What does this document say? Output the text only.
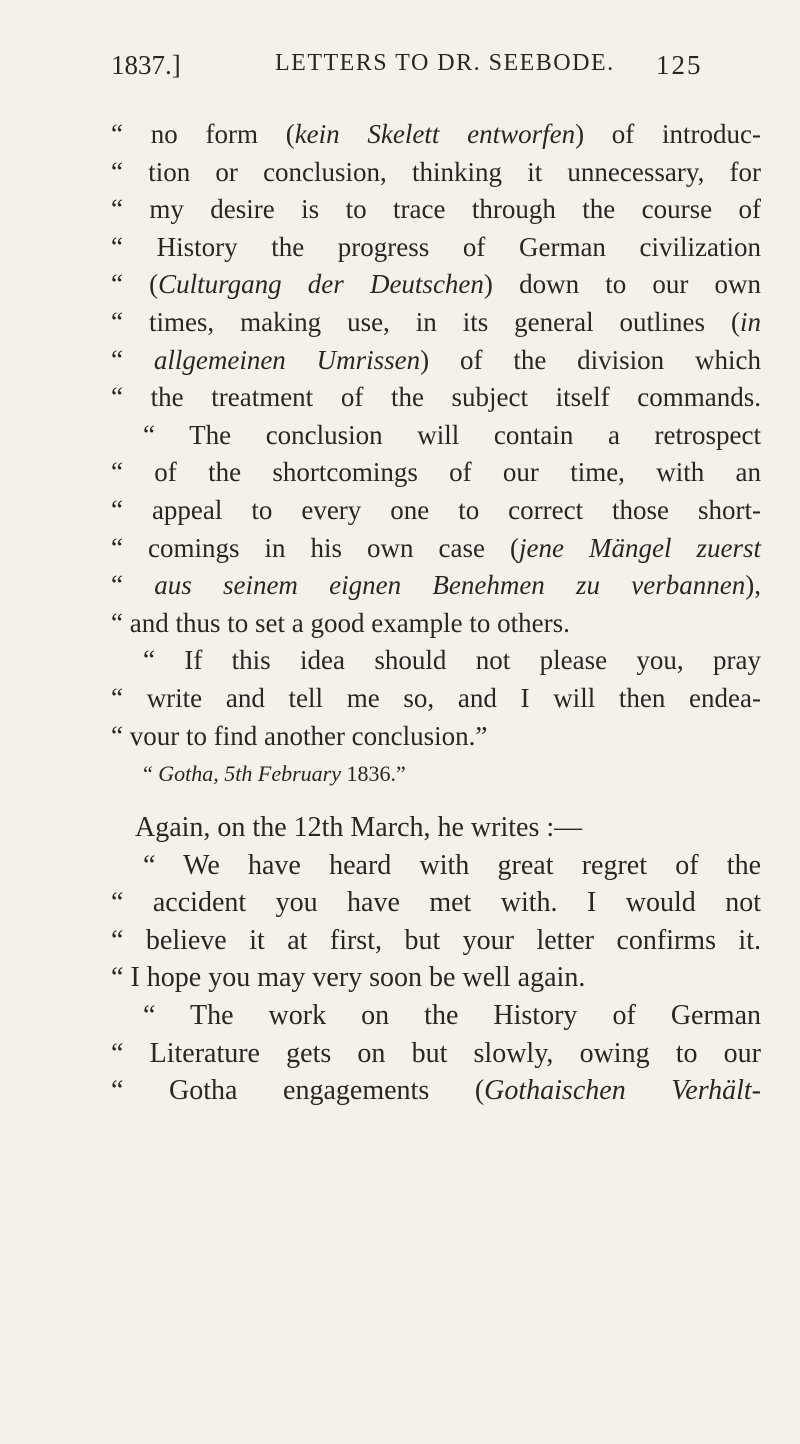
1837.]	LETTERS TO DR. SEEBODE. 125
“ no form (kein Skelett entworfen) of introduc-
“ tion or conclusion, thinking it unnecessary, for
“ my desire is to trace through the course of
“ History the progress of German civilization
“ (Culturgang der Deutschen) down to our own
“ times, making use, in its general outlines (in
“ allgemeinen Umrissen) of the division which
“ the treatment of the subject itself commands.
“ The conclusion will contain a retrospect
“ of the shortcomings of our time, with an
“ appeal to every one to correct those short-
“ comings in his own case (jene Mängel zuerst
“ aus seinem eignen Benehmen zu verbannen),
“ and thus to set a good example to others.
“ If this idea should not please you, pray
“ write and tell me so, and I will then endea-
“ vour to find another conclusion.”
“ Gotha, 5th February 1836.”
Again, on the 12th March, he writes :—
“ We have heard with great regret of the
“ accident you have met with. I would not
“ believe it at first, but your letter confirms it.
“ I hope you may very soon be well again.
“ The work on the History of German
“ Literature gets on but slowly, owing to our
“ Gotha engagements (Gothaischen Verhält-
